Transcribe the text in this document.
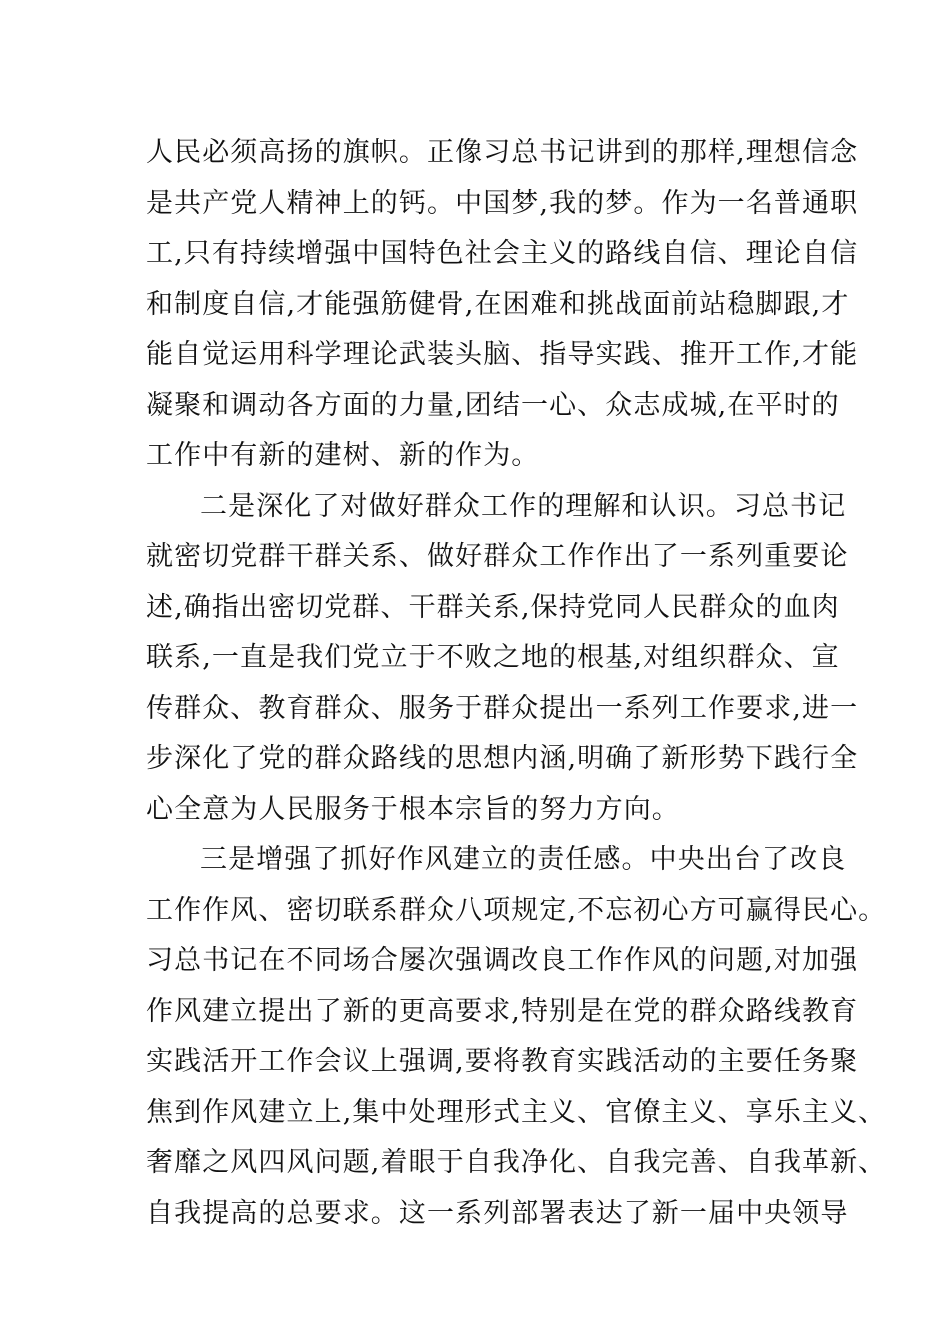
人民必须高扬的旗帜。正像习总书记讲到的那样,理想信念
是共产党人精神上的钙。中国梦,我的梦。作为一名普通职
工,只有持续增强中国特色社会主义的路线自信、理论自信
和制度自信,才能强筋健骨,在困难和挑战面前站稳脚跟,才
能自觉运用科学理论武装头脑、指导实践、推开工作,才能
凝聚和调动各方面的力量,团结一心、众志成城,在平时的
工作中有新的建树、新的作为。
二是深化了对做好群众工作的理解和认识。习总书记
就密切党群干群关系、做好群众工作作出了一系列重要论
述,确指出密切党群、干群关系,保持党同人民群众的血肉
联系,一直是我们党立于不败之地的根基,对组织群众、宣
传群众、教育群众、服务于群众提出一系列工作要求,进一
步深化了党的群众路线的思想内涵,明确了新形势下践行全
心全意为人民服务于根本宗旨的努力方向。
三是增强了抓好作风建立的责任感。中央出台了改良
工作作风、密切联系群众八项规定,不忘初心方可赢得民心。
习总书记在不同场合屡次强调改良工作作风的问题,对加强
作风建立提出了新的更高要求,特别是在党的群众路线教育
实践活开工作会议上强调,要将教育实践活动的主要任务聚
焦到作风建立上,集中处理形式主义、官僚主义、享乐主义、
奢靡之风四风问题,着眼于自我净化、自我完善、自我革新、
自我提高的总要求。这一系列部署表达了新一届中央领导
